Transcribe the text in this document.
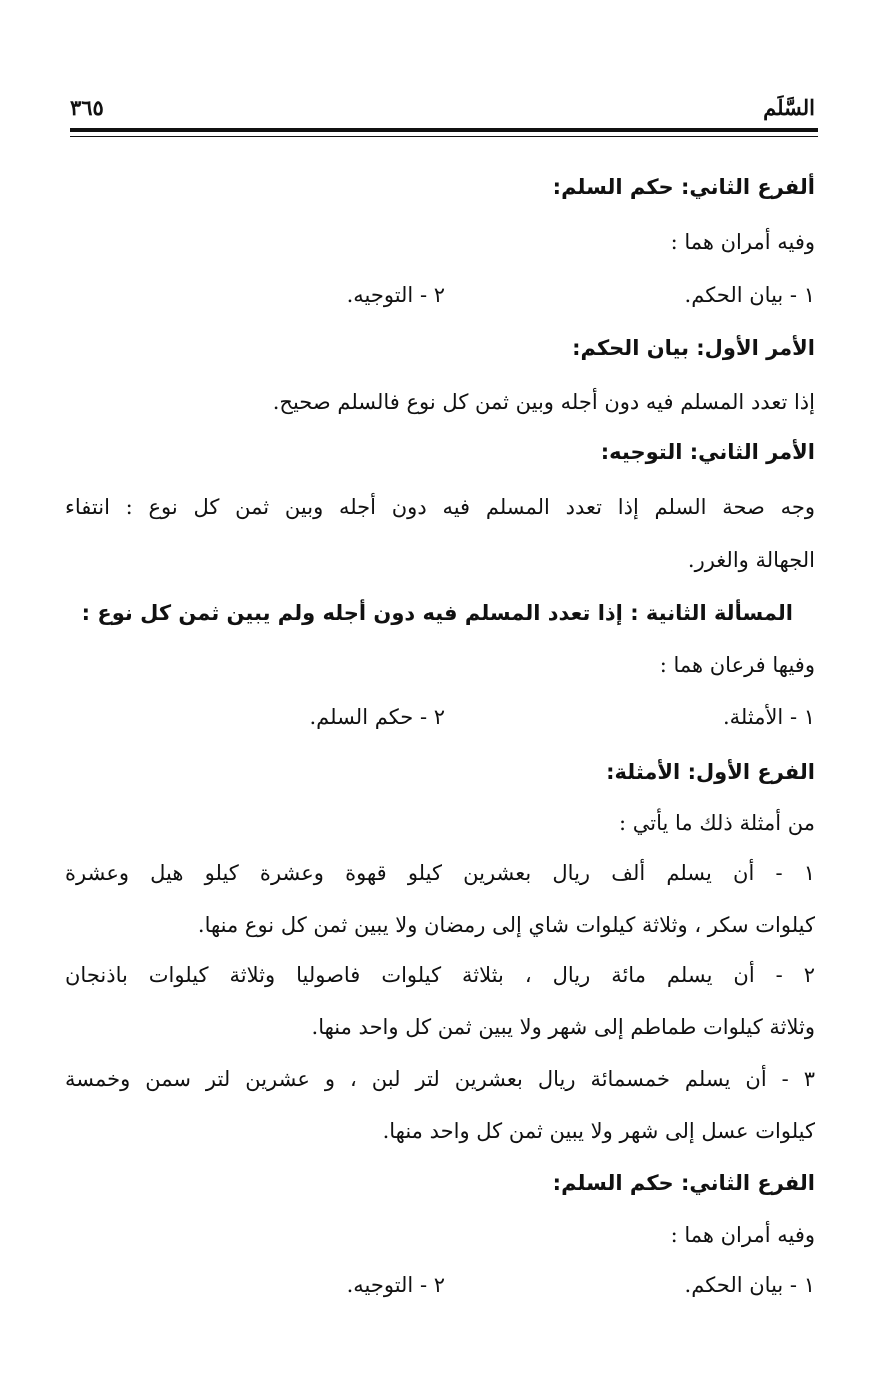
السَّلَم
٣٦٥
ألفرع الثاني: حكم السلم:
وفيه أمران هما :
١ - بيان الحكم.
٢ - التوجيه.
الأمر الأول: بيان الحكم:
إذا تعدد المسلم فيه دون أجله وبين ثمن كل نوع فالسلم صحيح.
الأمر الثاني: التوجيه:
وجه صحة السلم إذا تعدد المسلم فيه دون أجله وبين ثمن كل نوع : انتفاء
الجهالة والغرر.
المسألة الثانية : إذا تعدد المسلم فيه دون أجله ولم يبين ثمن كل نوع :
وفيها فرعان هما :
١ - الأمثلة.
٢ - حكم السلم.
الفرع الأول: الأمثلة:
من أمثلة ذلك ما يأتي :
١ - أن يسلم ألف ريال بعشرين كيلو قهوة وعشرة كيلو هيل وعشرة
كيلوات سكر ، وثلاثة كيلوات شاي إلى رمضان ولا يبين ثمن كل نوع منها.
٢ - أن يسلم مائة ريال ، بثلاثة كيلوات فاصوليا وثلاثة كيلوات باذنجان
وثلاثة كيلوات طماطم إلى شهر ولا يبين ثمن كل واحد منها.
٣ - أن يسلم خمسمائة ريال بعشرين لتر لبن ، و عشرين لتر سمن وخمسة
كيلوات عسل إلى شهر ولا يبين ثمن كل واحد منها.
الفرع الثاني: حكم السلم:
وفيه أمران هما :
١ - بيان الحكم.
٢ - التوجيه.
